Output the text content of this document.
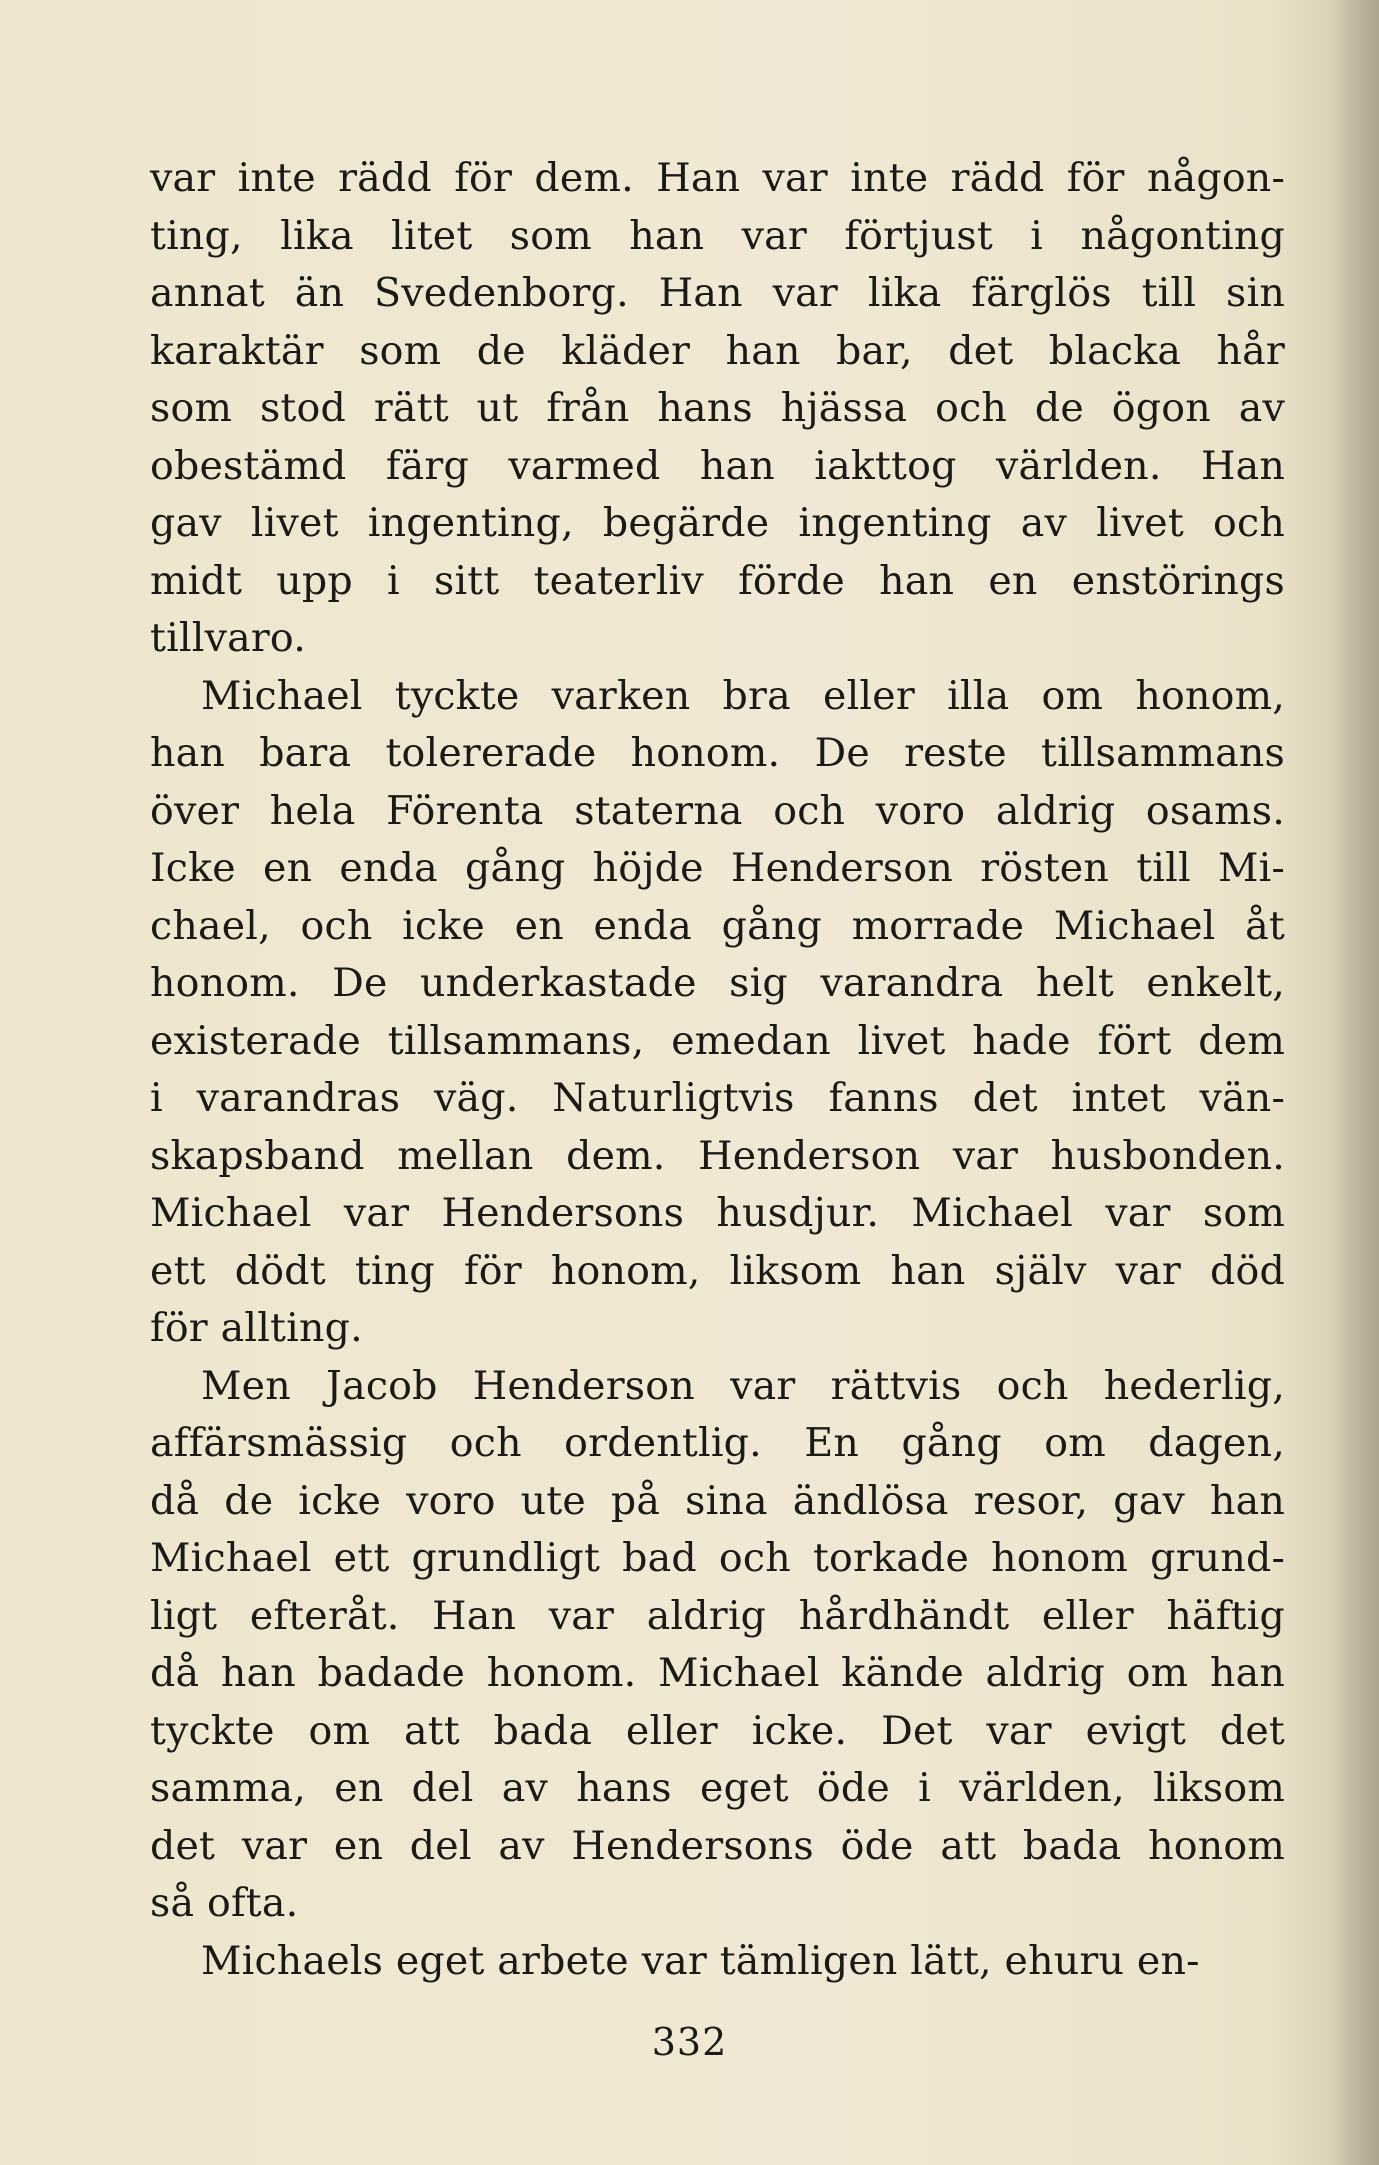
var inte rädd för dem. Han var inte rädd för någon-
ting, lika litet som han var förtjust i någonting
annat än Svedenborg. Han var lika färglös till sin
karaktär som de kläder han bar, det blacka hår
som stod rätt ut från hans hjässa och de ögon av
obestämd färg varmed han iakttog världen. Han
gav livet ingenting, begärde ingenting av livet och
midt upp i sitt teaterliv förde han en enstörings
tillvaro.

Michael tyckte varken bra eller illa om honom,
han bara tolererade honom. De reste tillsammans
över hela Förenta staterna och voro aldrig osams.
Icke en enda gång höjde Henderson rösten till Mi-
chael, och icke en enda gång morrade Michael åt
honom. De underkastade sig varandra helt enkelt,
existerade tillsammans, emedan livet hade fört dem
i varandras väg. Naturligtvis fanns det intet vän-
skapsband mellan dem. Henderson var husbonden.
Michael var Hendersons husdjur. Michael var som
ett dödt ting för honom, liksom han själv var död
för allting.

Men Jacob Henderson var rättvis och hederlig,
affärsmässig och ordentlig. En gång om dagen,
då de icke voro ute på sina ändlösa resor, gav han
Michael ett grundligt bad och torkade honom grund-
ligt efteråt. Han var aldrig hårdhändt eller häftig
då han badade honom. Michael kände aldrig om han
tyckte om att bada eller icke. Det var evigt det
samma, en del av hans eget öde i världen, liksom
det var en del av Hendersons öde att bada honom
så ofta.

Michaels eget arbete var tämligen lätt, ehuru en-

332
